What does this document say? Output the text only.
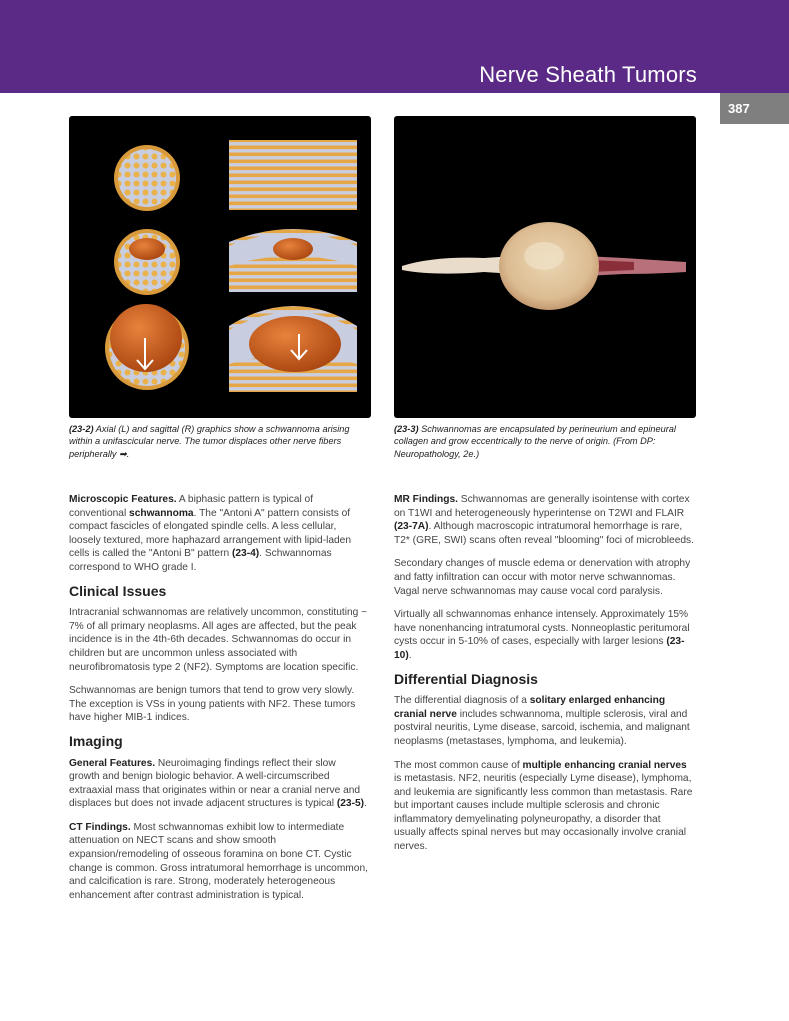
Nerve Sheath Tumors
387
(23-2) Axial (L) and sagittal (R) graphics show a schwannoma arising within a unifascicular nerve. The tumor displaces other nerve fibers peripherally ➡.
(23-3) Schwannomas are encapsulated by perineurium and epineural collagen and grow eccentrically to the nerve of origin. (From DP: Neuropathology, 2e.)

Microscopic Features. A biphasic pattern is typical of conventional schwannoma. The "Antoni A" pattern consists of compact fascicles of elongated spindle cells. A less cellular, loosely textured, more haphazard arrangement with lipid-laden cells is called the "Antoni B" pattern (23-4). Schwannomas correspond to WHO grade I.

Clinical Issues

Intracranial schwannomas are relatively uncommon, constituting ~ 7% of all primary neoplasms. All ages are affected, but the peak incidence is in the 4th-6th decades. Schwannomas do occur in children but are uncommon unless associated with neurofibromatosis type 2 (NF2). Symptoms are location specific.

Schwannomas are benign tumors that tend to grow very slowly. The exception is VSs in young patients with NF2. These tumors have higher MIB-1 indices.

Imaging

General Features. Neuroimaging findings reflect their slow growth and benign biologic behavior. A well-circumscribed extraaxial mass that originates within or near a cranial nerve and displaces but does not invade adjacent structures is typical (23-5).

CT Findings. Most schwannomas exhibit low to intermediate attenuation on NECT scans and show smooth expansion/remodeling of osseous foramina on bone CT. Cystic change is common. Gross intratumoral hemorrhage is uncommon, and calcification is rare. Strong, moderately heterogeneous enhancement after contrast administration is typical.

MR Findings. Schwannomas are generally isointense with cortex on T1WI and heterogeneously hyperintense on T2WI and FLAIR (23-7A). Although macroscopic intratumoral hemorrhage is rare, T2* (GRE, SWI) scans often reveal "blooming" foci of microbleeds.

Secondary changes of muscle edema or denervation with atrophy and fatty infiltration can occur with motor nerve schwannomas. Vagal nerve schwannomas may cause vocal cord paralysis.

Virtually all schwannomas enhance intensely. Approximately 15% have nonenhancing intratumoral cysts. Nonneoplastic peritumoral cysts occur in 5-10% of cases, especially with larger lesions (23-10).

Differential Diagnosis

The differential diagnosis of a solitary enlarged enhancing cranial nerve includes schwannoma, multiple sclerosis, viral and postviral neuritis, Lyme disease, sarcoid, ischemia, and malignant neoplasms (metastases, lymphoma, and leukemia).

The most common cause of multiple enhancing cranial nerves is metastasis. NF2, neuritis (especially Lyme disease), lymphoma, and leukemia are significantly less common than metastasis. Rare but important causes include multiple sclerosis and chronic inflammatory demyelinating polyneuropathy, a disorder that usually affects spinal nerves but may occasionally involve cranial nerves.
